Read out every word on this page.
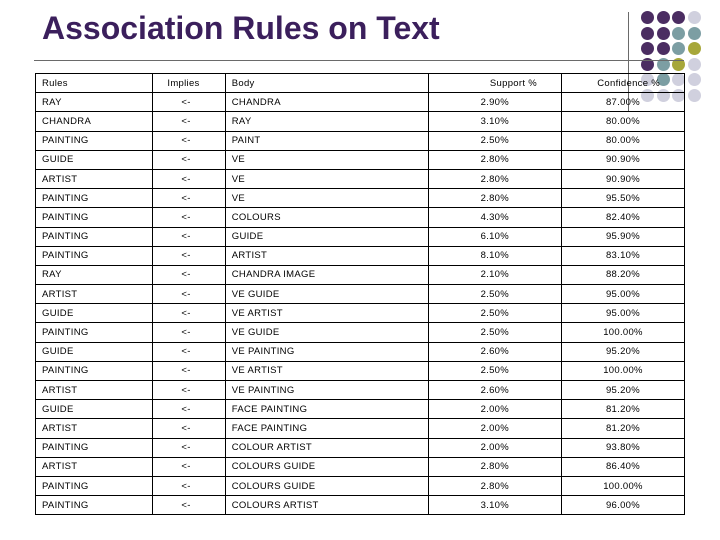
Association Rules on Text
Rules	Implies	Body	Support %	Confidence %
RAY	<-	CHANDRA	2.90%	87.00%
CHANDRA	<-	RAY	3.10%	80.00%
PAINTING	<-	PAINT	2.50%	80.00%
GUIDE	<-	VE	2.80%	90.90%
ARTIST	<-	VE	2.80%	90.90%
PAINTING	<-	VE	2.80%	95.50%
PAINTING	<-	COLOURS	4.30%	82.40%
PAINTING	<-	GUIDE	6.10%	95.90%
PAINTING	<-	ARTIST	8.10%	83.10%
RAY	<-	CHANDRA IMAGE	2.10%	88.20%
ARTIST	<-	VE GUIDE	2.50%	95.00%
GUIDE	<-	VE ARTIST	2.50%	95.00%
PAINTING	<-	VE GUIDE	2.50%	100.00%
GUIDE	<-	VE PAINTING	2.60%	95.20%
PAINTING	<-	VE ARTIST	2.50%	100.00%
ARTIST	<-	VE PAINTING	2.60%	95.20%
GUIDE	<-	FACE PAINTING	2.00%	81.20%
ARTIST	<-	FACE PAINTING	2.00%	81.20%
PAINTING	<-	COLOUR ARTIST	2.00%	93.80%
ARTIST	<-	COLOURS GUIDE	2.80%	86.40%
PAINTING	<-	COLOURS GUIDE	2.80%	100.00%
PAINTING	<-	COLOURS ARTIST	3.10%	96.00%
